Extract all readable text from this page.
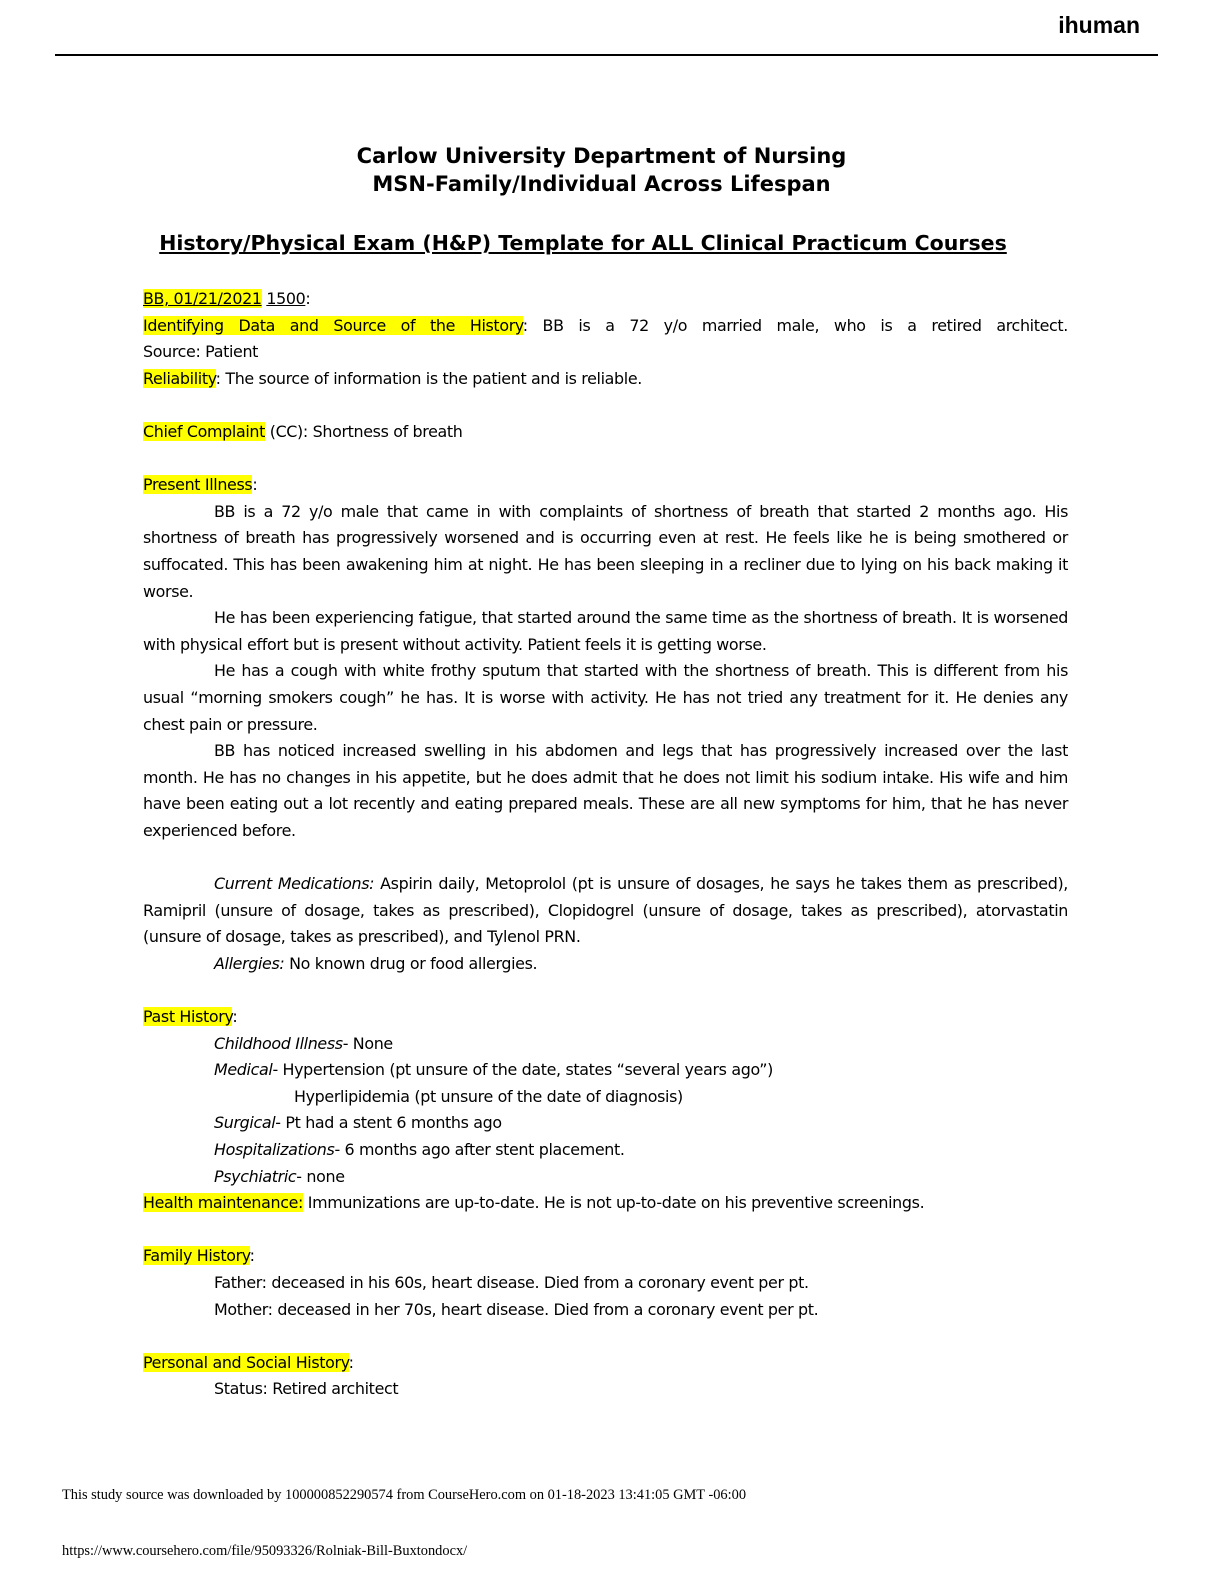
ihuman
Carlow University Department of Nursing
MSN-Family/Individual Across Lifespan
History/Physical Exam (H&P) Template for ALL Clinical Practicum Courses

BB, 01/21/2021 1500:

Identifying Data and Source of the History: BB is a 72 y/o married male, who is a retired architect.

Source: Patient

Reliability: The source of information is the patient and is reliable.

Chief Complaint (CC): Shortness of breath

Present Illness:

BB is a 72 y/o male that came in with complaints of shortness of breath that started 2 months ago. His shortness of breath has progressively worsened and is occurring even at rest. He feels like he is being smothered or suffocated. This has been awakening him at night. He has been sleeping in a recliner due to lying on his back making it worse.

He has been experiencing fatigue, that started around the same time as the shortness of breath. It is worsened with physical effort but is present without activity. Patient feels it is getting worse.

He has a cough with white frothy sputum that started with the shortness of breath. This is different from his usual “morning smokers cough” he has. It is worse with activity. He has not tried any treatment for it. He denies any chest pain or pressure.

BB has noticed increased swelling in his abdomen and legs that has progressively increased over the last month. He has no changes in his appetite, but he does admit that he does not limit his sodium intake. His wife and him have been eating out a lot recently and eating prepared meals. These are all new symptoms for him, that he has never experienced before.

Current Medications: Aspirin daily, Metoprolol (pt is unsure of dosages, he says he takes them as prescribed), Ramipril (unsure of dosage, takes as prescribed), Clopidogrel (unsure of dosage, takes as prescribed), atorvastatin (unsure of dosage, takes as prescribed), and Tylenol PRN.

Allergies: No known drug or food allergies.

Past History:

Childhood Illness- None

Medical- Hypertension (pt unsure of the date, states “several years ago”)

Hyperlipidemia (pt unsure of the date of diagnosis)

Surgical- Pt had a stent 6 months ago

Hospitalizations- 6 months ago after stent placement.

Psychiatric- none

Health maintenance: Immunizations are up-to-date. He is not up-to-date on his preventive screenings.

Family History:

Father: deceased in his 60s, heart disease. Died from a coronary event per pt.

Mother: deceased in her 70s, heart disease. Died from a coronary event per pt.

Personal and Social History:

Status: Retired architect

This study source was downloaded by 100000852290574 from CourseHero.com on 01-18-2023 13:41:05 GMT -06:00
https://www.coursehero.com/file/95093326/Rolniak-Bill-Buxtondocx/
